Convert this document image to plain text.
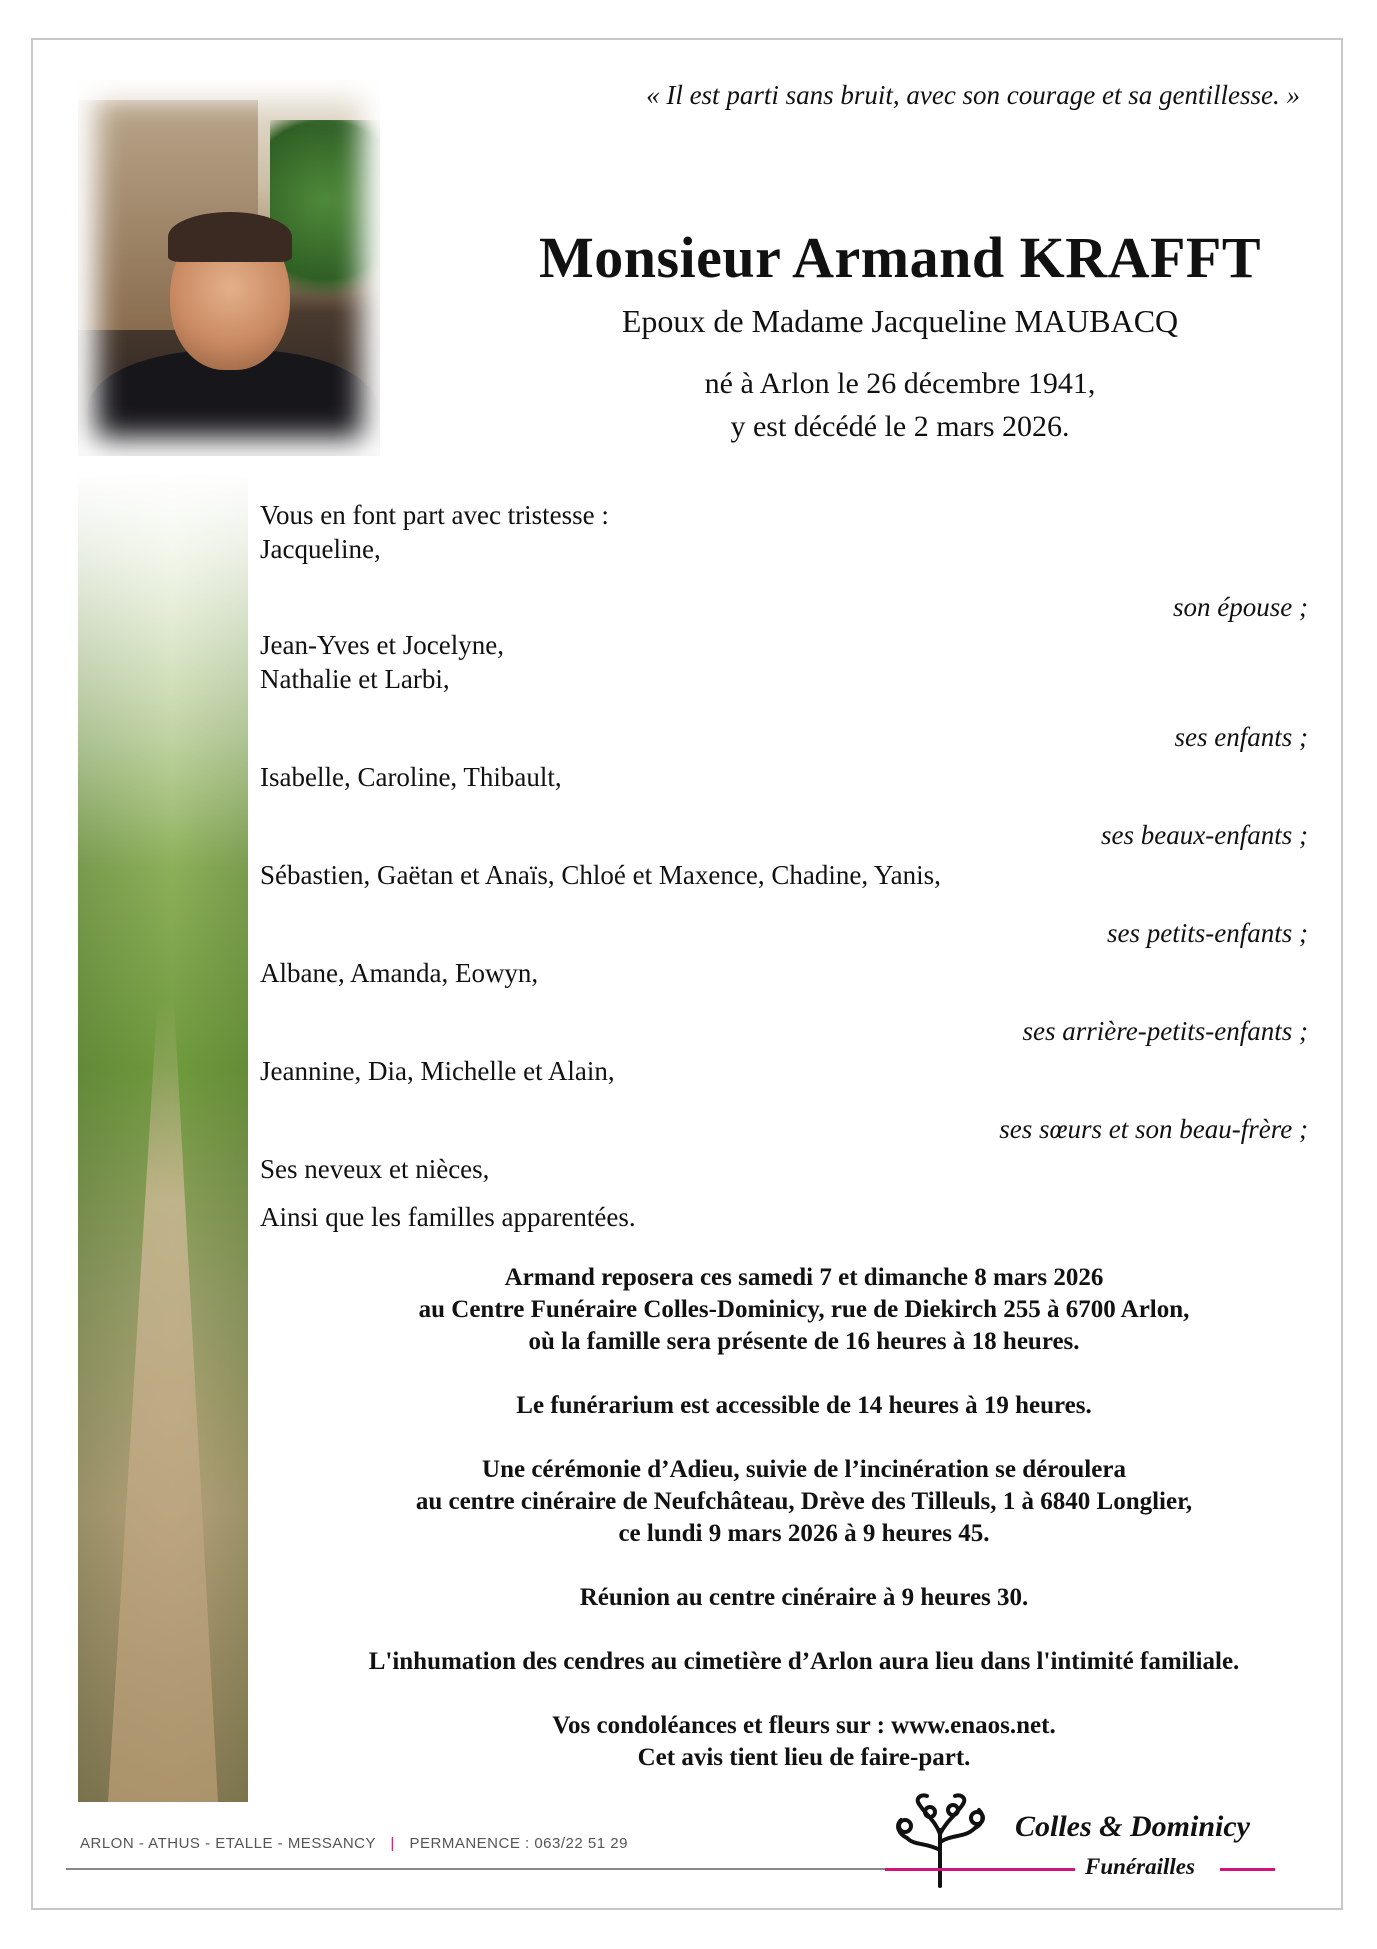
« Il est parti sans bruit, avec son courage et sa gentillesse. »
Monsieur Armand KRAFFT
Epoux de Madame Jacqueline MAUBACQ
né à Arlon le 26 décembre 1941,
y est décédé le 2 mars 2026.
Vous en font part avec tristesse :
Jacqueline,
son épouse ;
Jean-Yves et Jocelyne,
Nathalie et Larbi,
ses enfants ;
Isabelle, Caroline, Thibault,
ses beaux-enfants ;
Sébastien, Gaëtan et Anaïs, Chloé et Maxence, Chadine, Yanis,
ses petits-enfants ;
Albane, Amanda, Eowyn,
ses arrière-petits-enfants ;
Jeannine, Dia, Michelle et Alain,
ses sœurs et son beau-frère ;
Ses neveux et nièces,
Ainsi que les familles apparentées.

Armand reposera ces samedi 7 et dimanche 8 mars 2026
au Centre Funéraire Colles-Dominicy, rue de Diekirch 255 à 6700 Arlon,
où la famille sera présente de 16 heures à 18 heures.

Le funérarium est accessible de 14 heures à 19 heures.

Une cérémonie d’Adieu, suivie de l’incinération se déroulera
au centre cinéraire de Neufchâteau, Drève des Tilleuls, 1 à 6840 Longlier,
ce lundi 9 mars 2026 à 9 heures 45.

Réunion au centre cinéraire à 9 heures 30.

L'inhumation des cendres au cimetière d’Arlon aura lieu dans l'intimité familiale.

Vos condoléances et fleurs sur : www.enaos.net.
Cet avis tient lieu de faire-part.

ARLON - ATHUS - ETALLE - MESSANCY | PERMANENCE : 063/22 51 29
Colles & Dominicy
Funérailles
